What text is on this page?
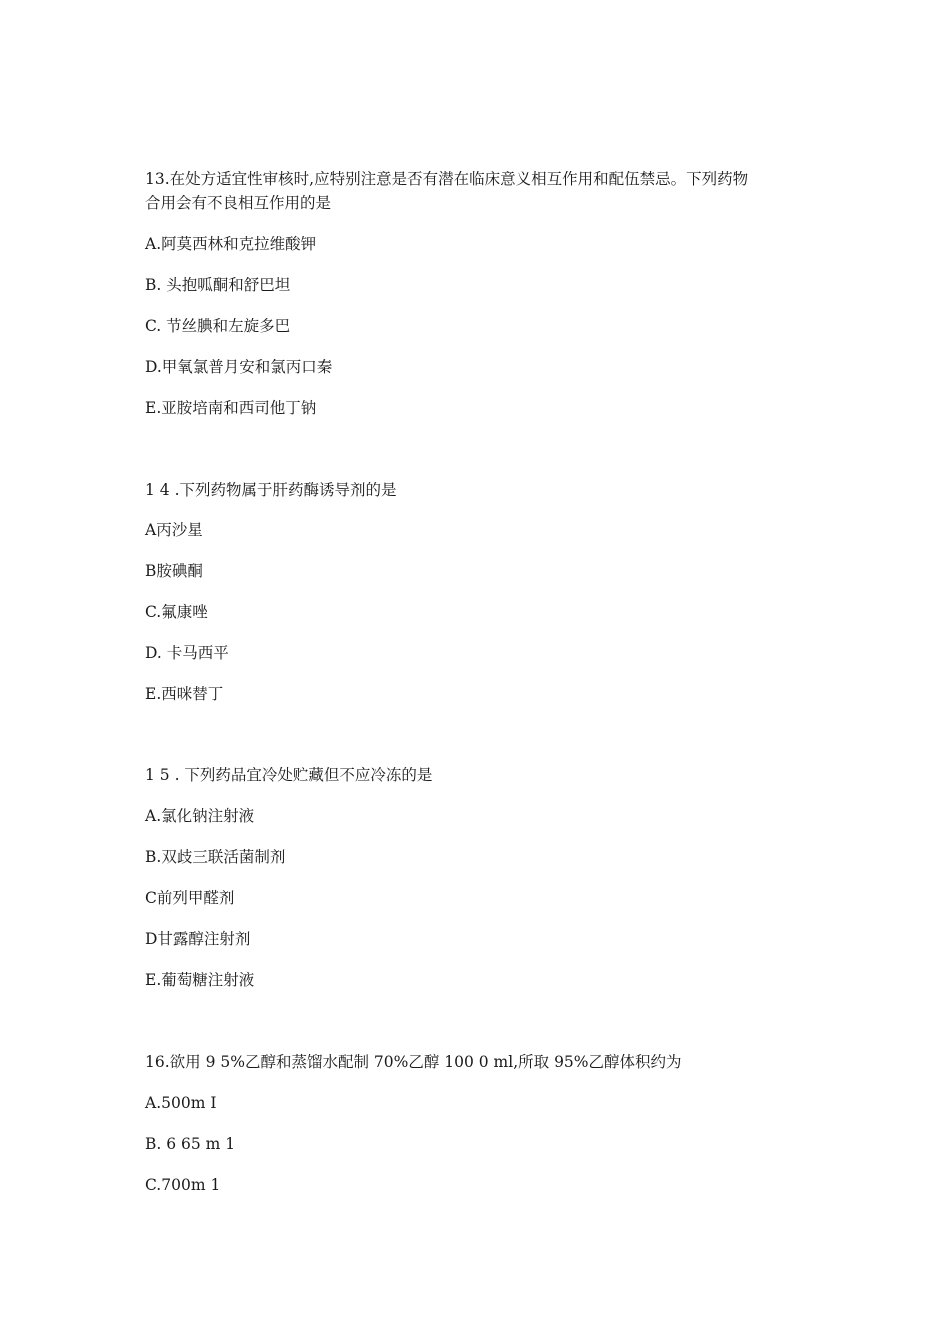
13.在处方适宜性审核时,应特别注意是否有潜在临床意义相互作用和配伍禁忌。下列药物
合用会有不良相互作用的是
A.阿莫西林和克拉维酸钾
B. 头抱呱酮和舒巴坦
C. 节丝腆和左旋多巴
D.甲氧氯普月安和氯丙口秦
E.亚胺培南和西司他丁钠
1 4 .下列药物属于肝药酶诱导剂的是
A丙沙星
B胺碘酮
C.氟康唑
D. 卡马西平
E.西咪替丁
1 5 . 下列药品宜冷处贮藏但不应冷冻的是
A.氯化钠注射液
B.双歧三联活菌制剂
C前列甲醛剂
D甘露醇注射剂
E.葡萄糖注射液
16.欲用 9 5%乙醇和蒸馏水配制 70%乙醇 100 0 ml,所取 95%乙醇体积约为
A.500m I
B. 6 65 m 1
C.700m 1
